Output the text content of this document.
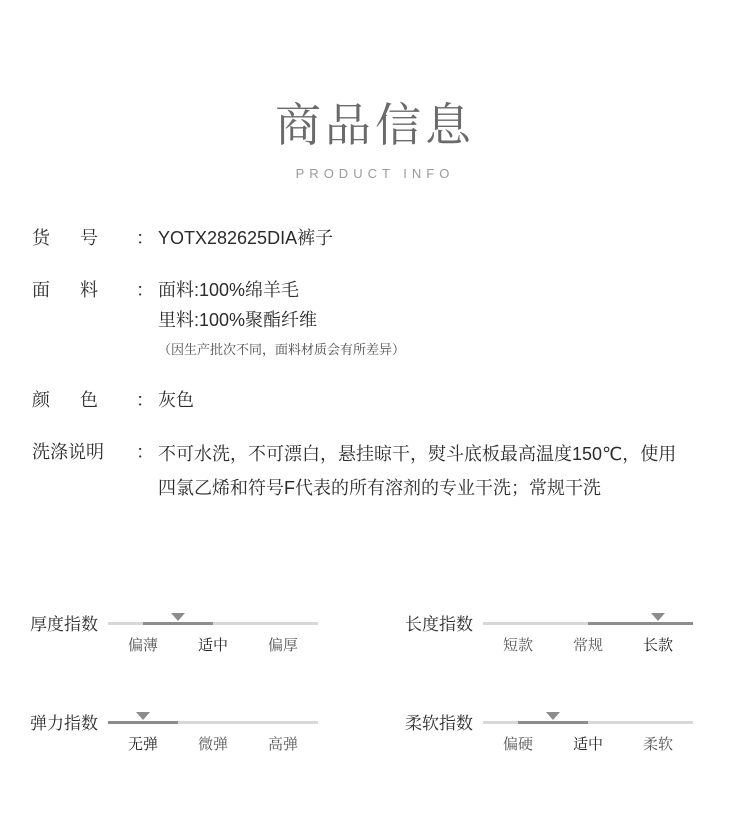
商品信息
PRODUCT INFO
货      号	： YOTX282625DIA裤子
面      料	： 面料:100%绵羊毛
里料:100%聚酯纤维
（因生产批次不同，面料材质会有所差异）
颜      色	： 灰色
洗涤说明	： 不可水洗，不可漂白，悬挂晾干，熨斗底板最高温度150℃，使用
四氯乙烯和符号F代表的所有溶剂的专业干洗；常规干洗
厚度指数
偏薄	适中	偏厚
长度指数
短款	常规	长款
弹力指数
无弹	微弹	高弹
柔软指数
偏硬	适中	柔软
